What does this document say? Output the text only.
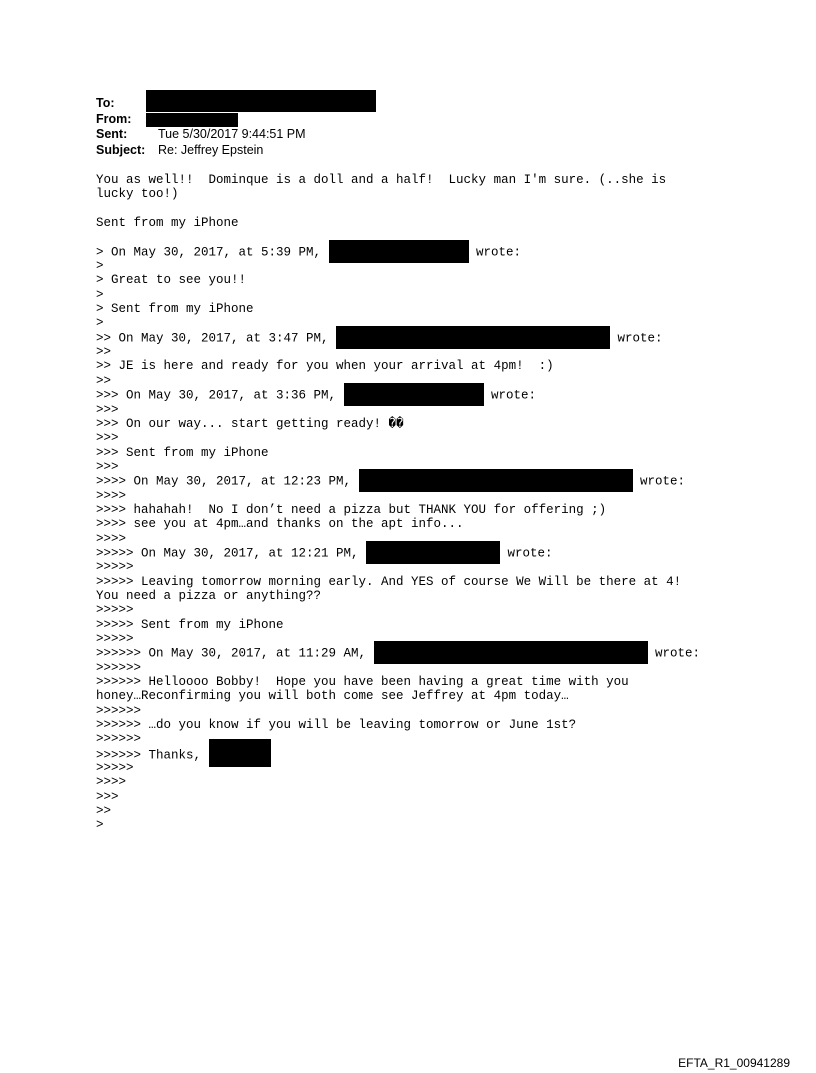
To:
From:
Sent: Tue 5/30/2017 9:44:51 PM
Subject: Re: Jeffrey Epstein
You as well!!  Dominque is a doll and a half!  Lucky man I'm sure. (..she is
lucky too!)
Sent from my iPhone
> On May 30, 2017, at 5:39 PM,	wrote:
>
> Great to see you!!
>
> Sent from my iPhone
>
>> On May 30, 2017, at 3:47 PM,	wrote:
>>
>> JE is here and ready for you when your arrival at 4pm!  :)
>>
>>> On May 30, 2017, at 3:36 PM,	wrote:
>>>
>>> On our way... start getting ready! ��
>>>
>>> Sent from my iPhone
>>>
>>>> On May 30, 2017, at 12:23 PM,	wrote:
>>>>
>>>> hahahah!  No I don’t need a pizza but THANK YOU for offering ;)
>>>> see you at 4pm…and thanks on the apt info...
>>>>
>>>>> On May 30, 2017, at 12:21 PM,	wrote:
>>>>>
>>>>> Leaving tomorrow morning early. And YES of course We Will be there at 4!
You need a pizza or anything??
>>>>>
>>>>> Sent from my iPhone
>>>>>
>>>>>> On May 30, 2017, at 11:29 AM,	wrote:
>>>>>>
>>>>>> Helloooo Bobby!  Hope you have been having a great time with you
honey…Reconfirming you will both come see Jeffrey at 4pm today…
>>>>>>
>>>>>> …do you know if you will be leaving tomorrow or June 1st?
>>>>>>
>>>>>> Thanks,
>>>>>
>>>>
>>>
>>
>
EFTA_R1_00941289
